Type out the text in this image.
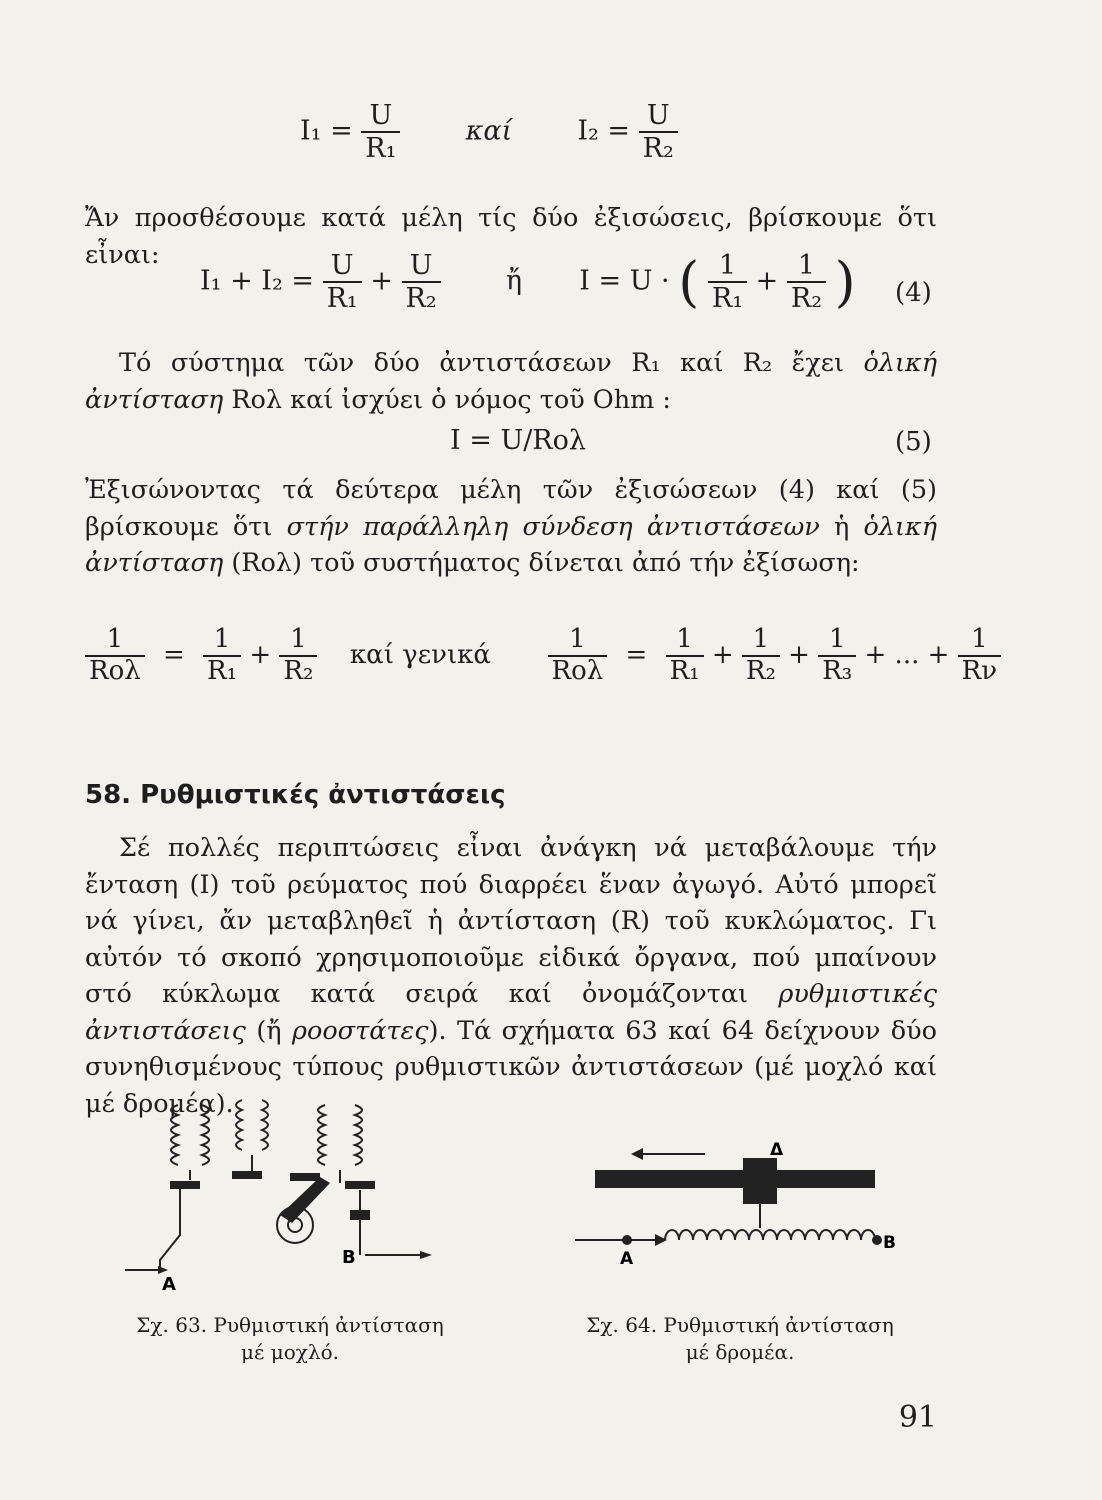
$I_1 = \frac{U}{\text{R₁}}$ καί $I_2 = \frac{U}{\text{R₂}}$
Ἄν προσθέσουμε κατά μέλη τίς δύο ἐξισώσεις, βρίσκουμε ὅτι εἶναι:
$I_1 + I_2 = \frac{U}{\text{R₁}} + \frac{U}{\text{R₂}}$ ἤ I = U · ( $\frac{1}{\text{R₁}} + \frac{1}{\text{R₂}}$ ) (4)
Τό σύστημα τῶν δύο ἀντιστάσεων R₁ καί R₂ ἔχει ὁλική ἀντίσταση Rολ καί ἰσχύει ὁ νόμος τοῦ Ohm :
I = U/Rολ	(5)
Ἐξισώνοντας τά δεύτερα μέλη τῶν ἐξισώσεων (4) καί (5) βρίσκουμε ὅτι στήν παράλληλη σύνδεση ἀντιστάσεων ἡ ὁλική ἀντίσταση (Rολ) τοῦ συστήματος δίνεται ἀπό τήν ἐξίσωση:
$\frac{1}{\text{Rολ}} = \frac{1}{\text{R₁}} + \frac{1}{\text{R₂}}$ καί γενικά $\frac{1}{\text{Rολ}} = \frac{1}{\text{R₁}} + \frac{1}{\text{R₂}} + \frac{1}{\text{R₃}}$ + ... + $\frac{1}{R\nu}$
58. Ρυθμιστικές ἀντιστάσεις
Σέ πολλές περιπτώσεις εἶναι ἀνάγκη νά μεταβάλουμε τήν ἔνταση (I) τοῦ ρεύματος πού διαρρέει ἕναν ἀγωγό. Αὐτό μπορεῖ νά γίνει, ἄν μεταβληθεῖ ἡ ἀντίσταση (R) τοῦ κυκλώματος. Γι αὐτόν τό σκοπό χρησιμοποιοῦμε εἰδικά ὄργανα, πού μπαίνουν στό κύκλωμα κατά σειρά καί ὀνομάζονται ρυθμιστικές ἀντιστάσεις (ἤ ροοστάτες). Τά σχήματα 63 καί 64 δείχνουν δύο συνηθισμένους τύπους ρυθμιστικῶν ἀντιστάσεων (μέ μοχλό καί μέ δρομέα).
A
B
Σχ. 63. Ρυθμιστική ἀντίσταση
μέ μοχλό.
Δ
A
B
Σχ. 64. Ρυθμιστική ἀντίσταση
μέ δρομέα.
91
